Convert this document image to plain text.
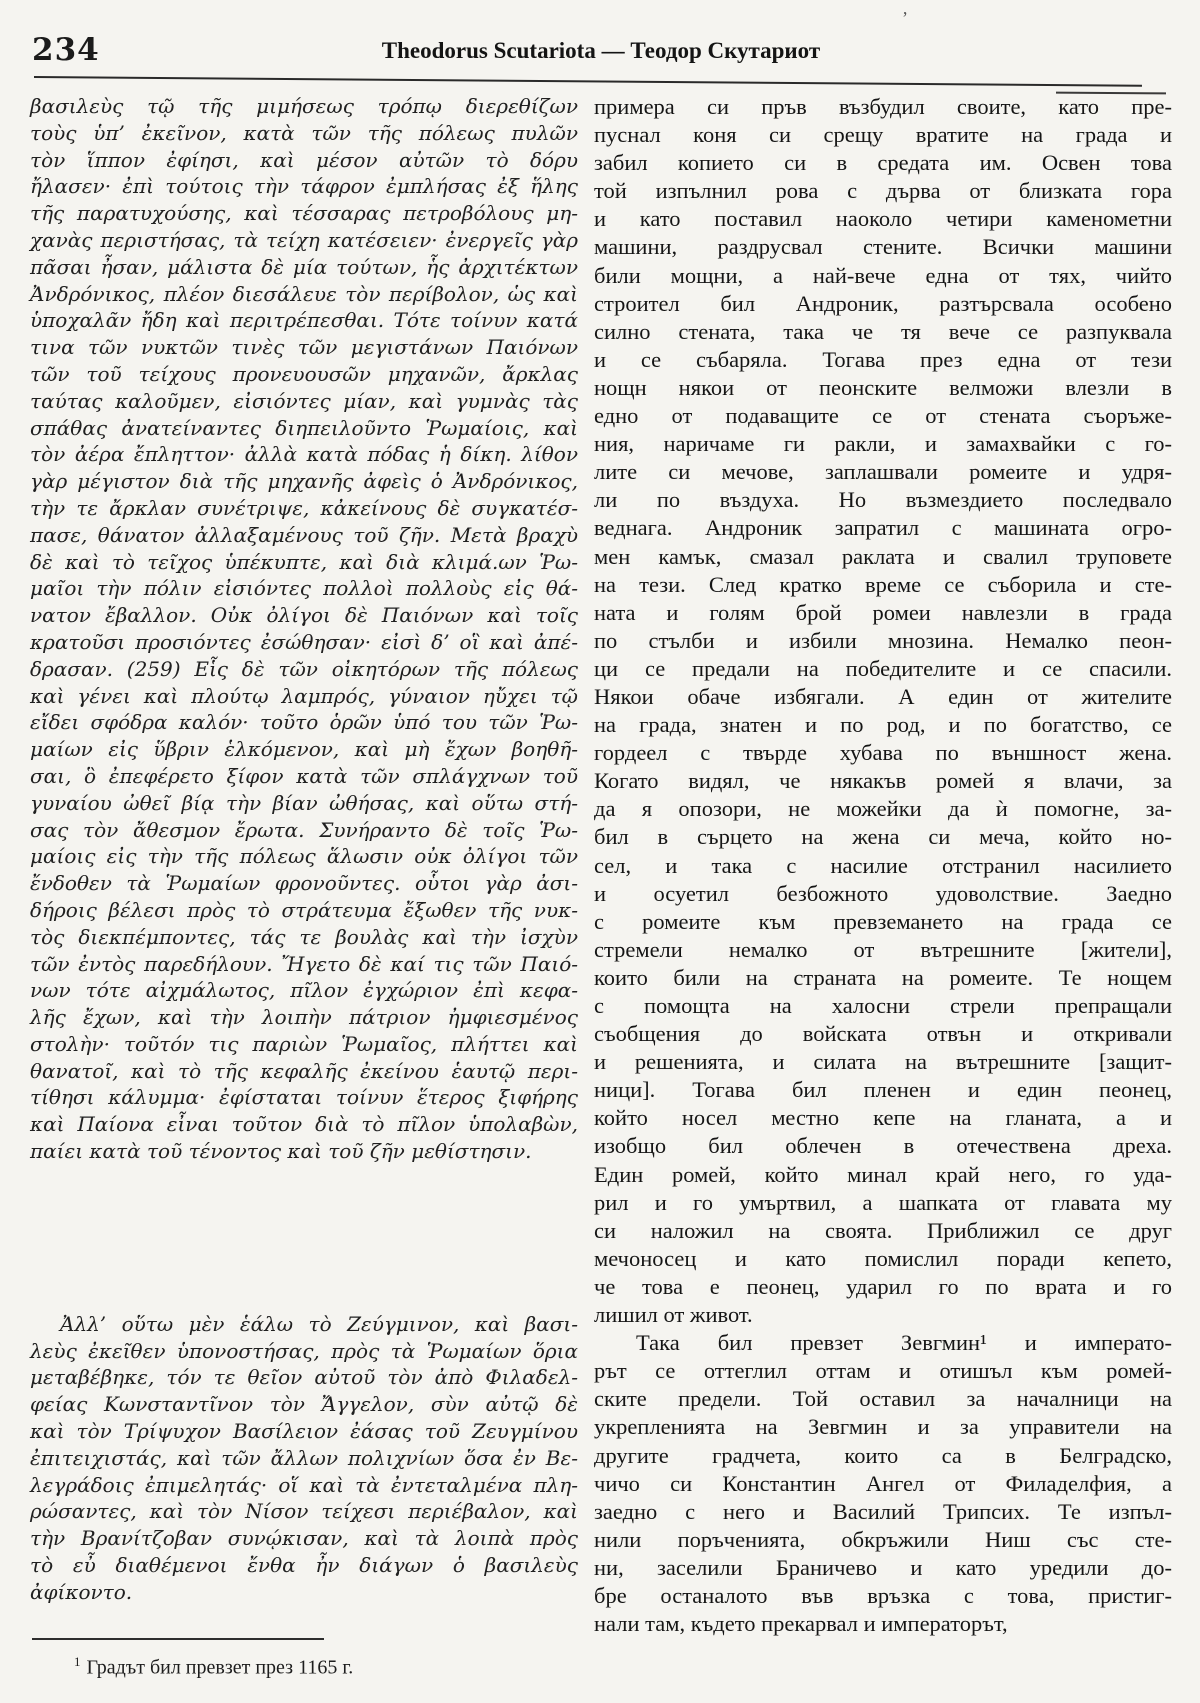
’
234	Theodorus Scutariota — Теодор Скутариот
βασιλεὺς τῷ τῆς μιμήσεως τρόπῳ διερεθίζων
τοὺς ὑπ’ ἐκεῖνον, κατὰ τῶν τῆς πόλεως πυλῶν
τὸν ἵππον ἐφίησι, καὶ μέσον αὐτῶν τὸ δόρυ
ἤλασεν· ἐπὶ τούτοις τὴν τάφρον ἐμπλήσας ἐξ ἥλης
τῆς παρατυχούσης, καὶ τέσσαρας πετροβόλους μη-
χανὰς περιστήσας, τὰ τείχη κατέσειεν· ἐνεργεῖς γὰρ
πᾶσαι ἦσαν, μάλιστα δὲ μία τούτων, ἧς ἀρχιτέκτων
Ἀνδρόνικος, πλέον διεσάλευε τὸν περίβολον, ὡς καὶ
ὑποχαλᾶν ἤδη καὶ περιτρέπεσθαι. Τότε τοίνυν κατά
τινα τῶν νυκτῶν τινὲς τῶν μεγιστάνων Παιόνων
τῶν τοῦ τείχους προνευουσῶν μηχανῶν, ἄρκλας
ταύτας καλοῦμεν, εἰσιόντες μίαν, καὶ γυμνὰς τὰς
σπάθας ἀνατείναντες διηπειλοῦντο Ῥωμαίοις, καὶ
τὸν ἀέρα ἔπληττον· ἀλλὰ κατὰ πόδας ἡ δίκη. λίθον
γὰρ μέγιστον διὰ τῆς μηχανῆς ἀφεὶς ὁ Ἀνδρόνικος,
τὴν τε ἄρκλαν συνέτριψε, κἀκείνους δὲ συγκατέσ-
πασε, θάνατον ἀλλαξαμένους τοῦ ζῆν. Μετὰ βραχὺ
δὲ καὶ τὸ τεῖχος ὑπέκυπτε, καὶ διὰ κλιμά.ων Ῥω-
μαῖοι τὴν πόλιν εἰσιόντες πολλοὶ πολλοὺς εἰς θά-
νατον ἔβαλλον. Οὐκ ὀλίγοι δὲ Παιόνων καὶ τοῖς
κρατοῦσι προσιόντες ἐσώθησαν· εἰσὶ δ’ οἳ καὶ ἀπέ-
δρασαν. (259) Εἷς δὲ τῶν οἰκητόρων τῆς πόλεως
καὶ γένει καὶ πλούτῳ λαμπρός, γύναιον ηὔχει τῷ
εἴδει σφόδρα καλόν· τοῦτο ὁρῶν ὑπό του τῶν Ῥω-
μαίων εἰς ὕβριν ἑλκόμενον, καὶ μὴ ἔχων βοηθῆ-
σαι, ὃ ἐπεφέρετο ξίφον κατὰ τῶν σπλάγχνων τοῦ
γυναίου ὠθεῖ βίᾳ τὴν βίαν ὠθήσας, καὶ οὕτω στή-
σας τὸν ἄθεσμον ἔρωτα. Συνήραντο δὲ τοῖς Ῥω-
μαίοις εἰς τὴν τῆς πόλεως ἅλωσιν οὐκ ὀλίγοι τῶν
ἔνδοθεν τὰ Ῥωμαίων φρονοῦντες. οὗτοι γὰρ ἀσι-
δήροις βέλεσι πρὸς τὸ στράτευμα ἔξωθεν τῆς νυκ-
τὸς διεκπέμποντες, τάς τε βουλὰς καὶ τὴν ἰσχὺν
τῶν ἐντὸς παρεδήλουν. Ἤγετο δὲ καί τις τῶν Παιό-
νων τότε αἰχμάλωτος, πῖλον ἐγχώριον ἐπὶ κεφα-
λῆς ἔχων, καὶ τὴν λοιπὴν πάτριον ἠμφιεσμένος
στολὴν· τοῦτόν τις παριὼν Ῥωμαῖος, πλήττει καὶ
θανατοῖ, καὶ τὸ τῆς κεφαλῆς ἐκείνου ἑαυτῷ περι-
τίθησι κάλυμμα· ἐφίσταται τοίνυν ἕτερος ξιφήρης
καὶ Παίονα εἶναι τοῦτον διὰ τὸ πῖλον ὑπολαβὼν,
παίει κατὰ τοῦ τένοντος καὶ τοῦ ζῆν μεθίστησιν.
Ἀλλ’ οὕτω μὲν ἑάλω τὸ Ζεύγμινον, καὶ βασι-
λεὺς ἐκεῖθεν ὑπονοστήσας, πρὸς τὰ Ῥωμαίων ὅρια
μεταβέβηκε, τόν τε θεῖον αὐτοῦ τὸν ἀπὸ Φιλαδελ-
φείας Κωνσταντῖνον τὸν Ἄγγελον, σὺν αὐτῷ δὲ
καὶ τὸν Τρίψυχον Βασίλειον ἐάσας τοῦ Ζευγμίνου
ἐπιτειχιστάς, καὶ τῶν ἄλλων πολιχνίων ὅσα ἐν Βε-
λεγράδοις ἐπιμελητάς· οἵ καὶ τὰ ἐντεταλμένα πλη-
ρώσαντες, καὶ τὸν Νίσον τείχεσι περιέβαλον, καὶ
τὴν Βρανίτζοβαν συνῴκισαν, καὶ τὰ λοιπὰ πρὸς
τὸ εὖ διαθέμενοι ἔνθα ἦν διάγων ὁ βασιλεὺς
ἀφίκοντο.
$^1$ Градът бил превзет през 1165 г.
примера си пръв възбудил своите, като пре-
пуснал коня си срещу вратите на града и
забил копието си в средата им. Освен това
той изпълнил рова с дърва от близката гора
и като поставил наоколо четири каменометни
машини, раздрусвал стените. Всички машини
били мощни, а най-вече една от тях, чийто
строител бил Андроник, разтърсвала особено
силно стената, така че тя вече се разпуквала
и се събаряла. Тогава през една от тези
нощн някои от пеонските велможи влезли в
едно от подаващите се от стената съоръже-
ния, наричаме ги ракли, и замахвайки с го-
лите си мечове, заплашвали ромеите и удря-
ли по въздуха. Но възмездието последвало
веднага. Андроник запратил с машината огро-
мен камък, смазал раклата и свалил труповете
на тези. След кратко време се съборила и сте-
ната и голям брой ромеи навлезли в града
по стълби и избили мнозина. Немалко пеон-
ци се предали на победителите и се спасили.
Някои обаче избягали. А един от жителите
на града, знатен и по род, и по богатство, се
гордеел с твърде хубава по външност жена.
Когато видял, че някакъв ромей я влачи, за
да я опозори, не можейки да ѝ помогне, за-
бил в сърцето на жена си меча, който но-
сел, и така с насилие отстранил насилието
и осуетил безбожното удоволствие. Заедно
с ромеите към превземането на града се
стремели немалко от вътрешните [жители],
които били на страната на ромеите. Те нощем
с помощта на халосни стрели препращали
съобщения до войската отвън и откривали
и решенията, и силата на вътрешните [защит-
ници]. Тогава бил пленен и един пеонец,
който носел местно кепе на гланата, а и
изобщо бил облечен в отечествена дреха.
Един ромей, който минал край него, го уда-
рил и го умъртвил, а шапката от главата му
си наложил на своята. Приближил се друг
мечоносец и като помислил поради кепето,
че това е пеонец, ударил го по врата и го
лишил от живот.
Така бил превзет Зевгмин¹ и императо-
рът се оттеглил оттам и отишъл към ромей-
ските предели. Той оставил за началници на
укрепленията на Зевгмин и за управители на
другите градчета, които са в Белградско,
чичо си Константин Ангел от Филаделфия, а
заедно с него и Василий Трипсих. Те изпъл-
нили поръченията, обкръжили Ниш със сте-
ни, заселили Браничево и като уредили до-
бре останалото във връзка с това, пристиг-
нали там, където прекарвал и императорът,
